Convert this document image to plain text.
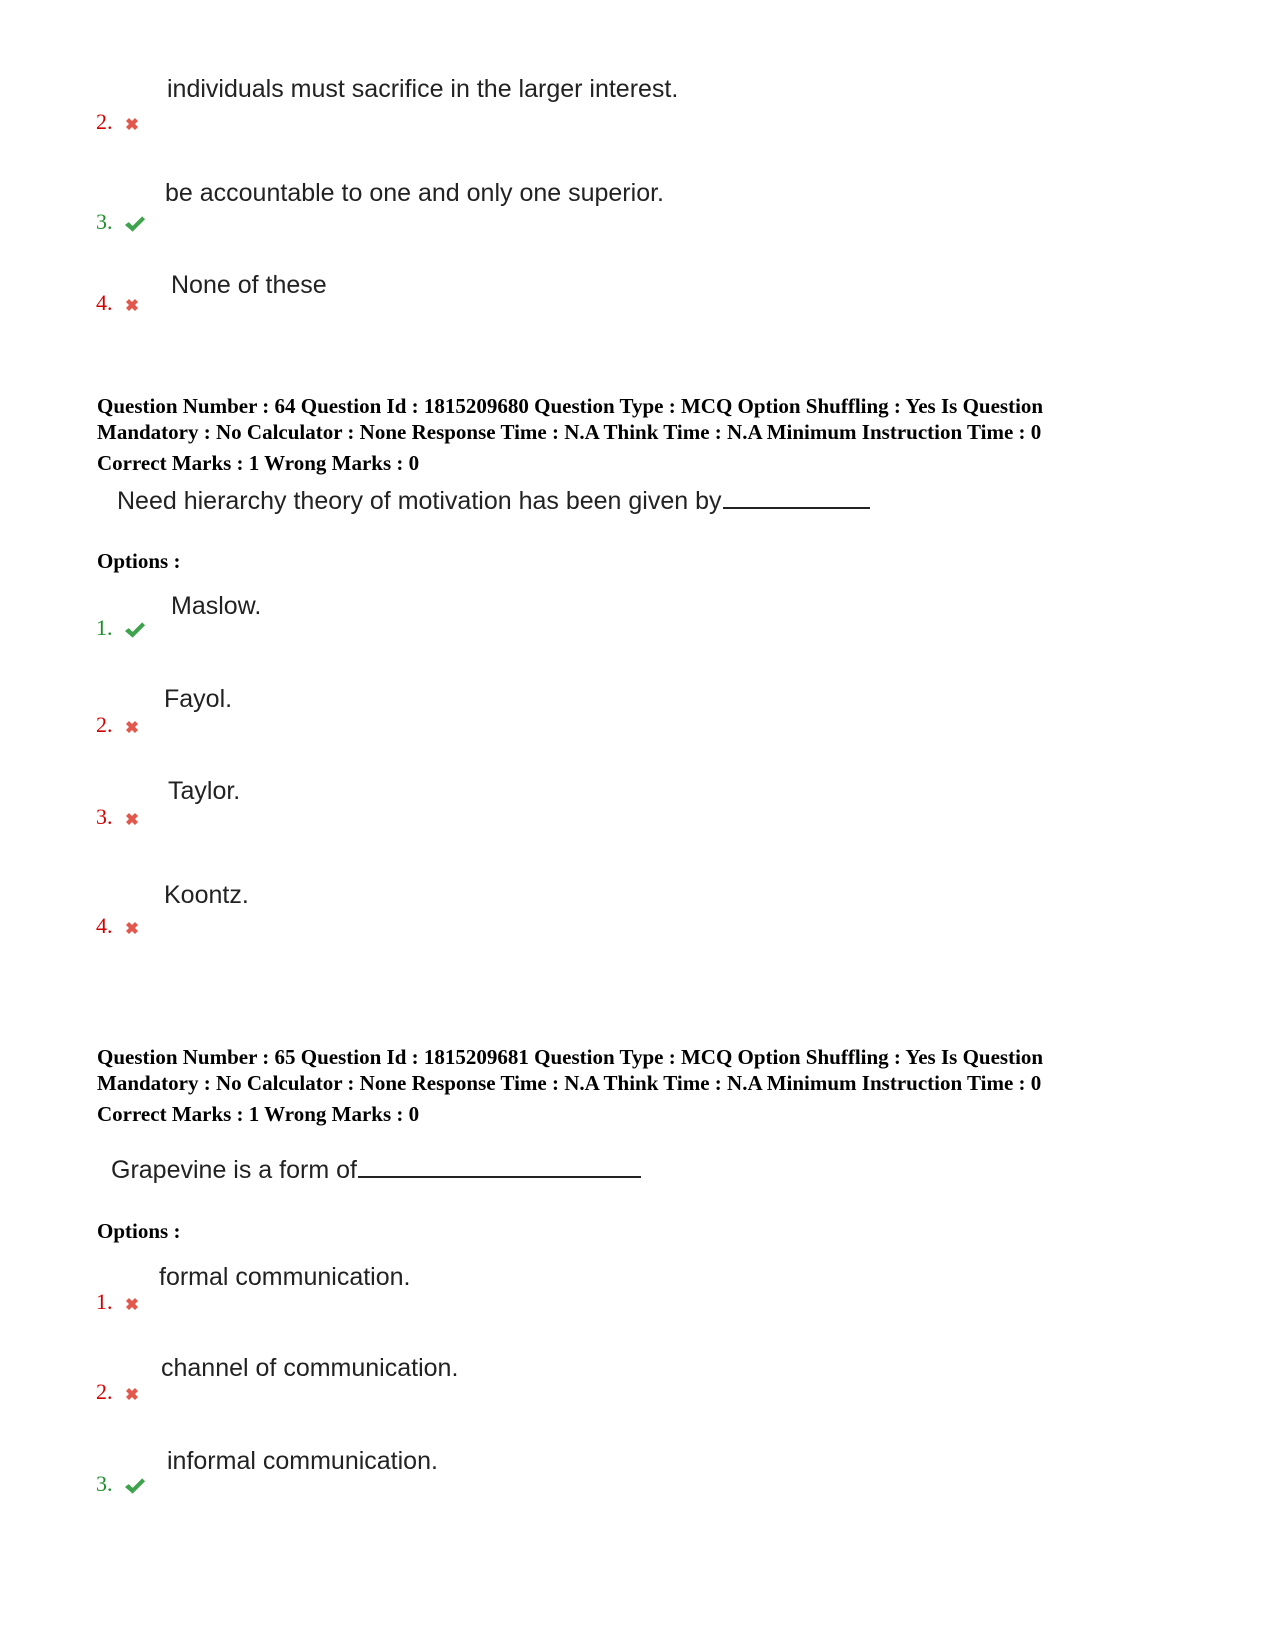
individuals must sacrifice in the larger interest.
2.
be accountable to one and only one superior.
3.
None of these
4.
Question Number : 64 Question Id : 1815209680 Question Type : MCQ Option Shuffling : Yes Is Question
Mandatory : No Calculator : None Response Time : N.A Think Time : N.A Minimum Instruction Time : 0
Correct Marks : 1 Wrong Marks : 0
Need hierarchy theory of motivation has been given by
Options :
Maslow.
1.
Fayol.
2.
Taylor.
3.
Koontz.
4.
Question Number : 65 Question Id : 1815209681 Question Type : MCQ Option Shuffling : Yes Is Question
Mandatory : No Calculator : None Response Time : N.A Think Time : N.A Minimum Instruction Time : 0
Correct Marks : 1 Wrong Marks : 0
Grapevine is a form of
Options :
formal communication.
1.
channel of communication.
2.
informal communication.
3.
